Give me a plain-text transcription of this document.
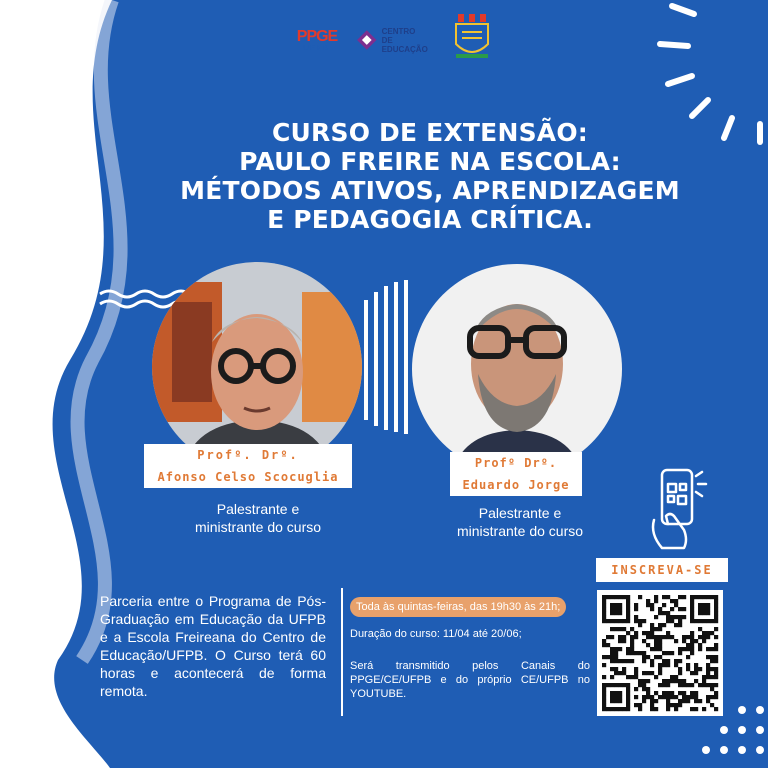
PPGE
UFPB
CENTRO
DE EDUCAÇÃO
CURSO DE EXTENSÃO:
PAULO FREIRE NA ESCOLA:
MÉTODOS ATIVOS, APRENDIZAGEM
E PEDAGOGIA CRÍTICA.
Profº. Drº.
Afonso Celso Scocuglia
Profº Drº.
Eduardo Jorge
Palestrante e
ministrante do curso
Palestrante e
ministrante do curso
INSCREVA-SE
Parceria entre o Programa de Pós-Graduação em Educação da UFPB e a Escola Freireana do Centro de Educação/UFPB. O Curso terá 60 horas e acontecerá de forma remota.
Toda às quintas-feiras, das 19h30 às 21h;
Duração do curso: 11/04 até 20/06;
Será transmitido pelos Canais do PPGE/CE/UFPB e do próprio CE/UFPB no YOUTUBE.
